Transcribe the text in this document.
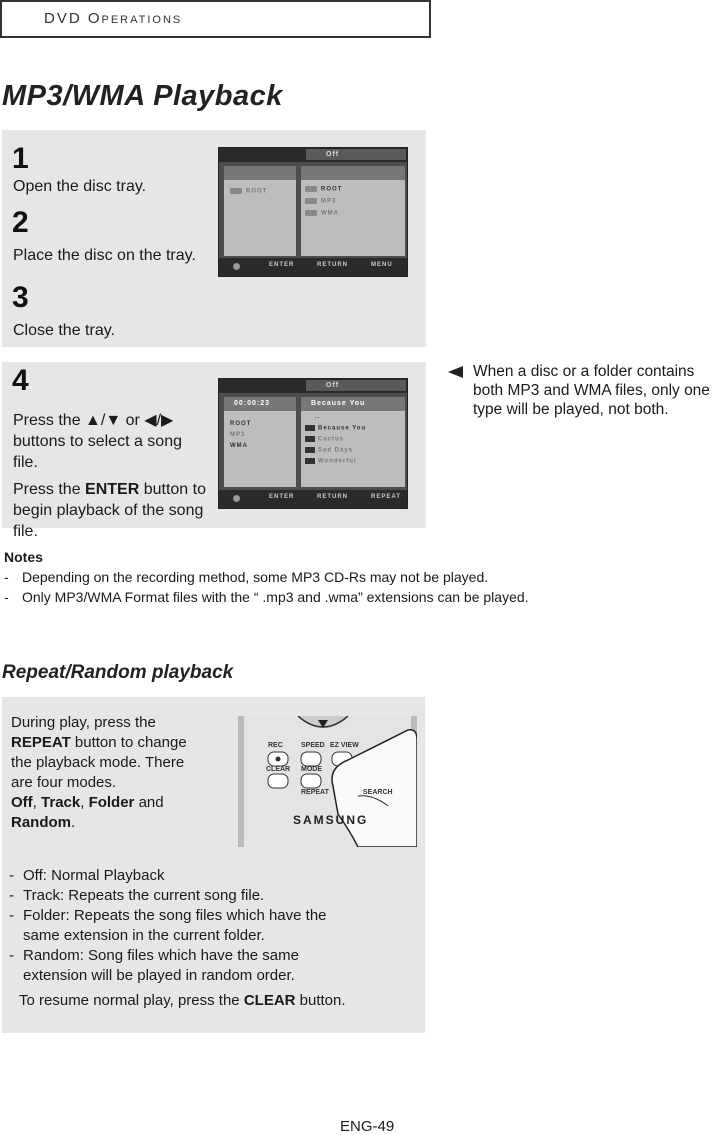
DVD Operations
MP3/WMA Playback
1
Open the disc tray.
2
Place the disc on the tray.
3
Close the tray.
Off
ROOT	ROOT
MP3
WMA
ENTER	RETURN	MENU
4
Press the ▲/▼ or ◀/▶
buttons to select a song file.
Press the ENTER button to
begin playback of the song
file.
Off
00:00:23
ROOT
MP3
WMA
Because You
..
Because You
Cactus
Sad Days
Wonderful
ENTER	RETURN	REPEAT
When a disc or a folder contains both MP3 and WMA files, only one type will be played, not both.
Notes
- Depending on the recording method, some MP3 CD-Rs may not be played.
- Only MP3/WMA Format files with the “ .mp3 and .wma” extensions can be played.
Repeat/Random playback
During play, press the
REPEAT button to change the playback mode. There are four modes.
Off, Track, Folder and Random.
REC	SPEED EZ VIEW
CLEAR MODE
REPEAT	SEARCH
SAMSUNG
- Off: Normal Playback
- Track: Repeats the current song file.
- Folder: Repeats the song files which have the same extension in the current folder.
- Random: Song files which have the same extension will be played in random order.
To resume normal play, press the CLEAR button.
ENG-49
